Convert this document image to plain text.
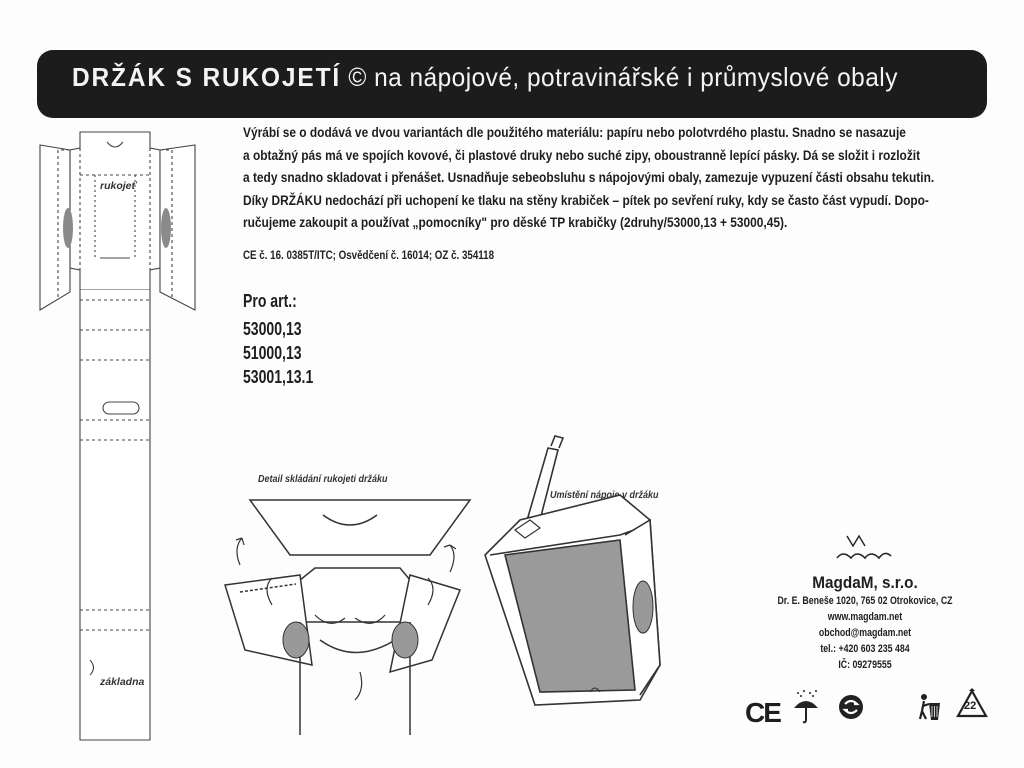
DRŽÁK S RUKOJETÍ © na nápojové, potravinářské i průmyslové obaly

Výrábí se o dodává ve dvou variantách dle použitého materiálu: papíru nebo polotvrdého plastu. Snadno se nasazuje

a obtažný pás má ve spojích kovové, či plastové druky nebo suché zipy, oboustranně lepící pásky. Dá se složit i rozložit

a tedy snadno skladovat i přenášet. Usnadňuje sebeobsluhu s nápojovými obaly, zamezuje vypuzení části obsahu tekutin.

Díky DRŽÁKU nedochází při uchopení ke tlaku na stěny krabiček – pítek po sevření ruky, kdy se často část vypudí. Dopo-

ručujeme zakoupit a používat „pomocníky" pro děské TP krabičky (2druhy/53000,13 + 53000,45).

CE č. 16. 0385T/ITC; Osvědčení č. 16014; OZ č. 354118
Pro art.:
53000,13
51000,13
53001,13.1
rukojeť
základna
Detail skládání rukojeti držáku
Umístění nápoje v držáku
MagdaM, s.r.o.
Dr. E. Beneše 1020, 765 02 Otrokovice, CZ
www.magdam.net
obchod@magdam.net
tel.: +420 603 235 484
IČ: 09279555
CE	22
